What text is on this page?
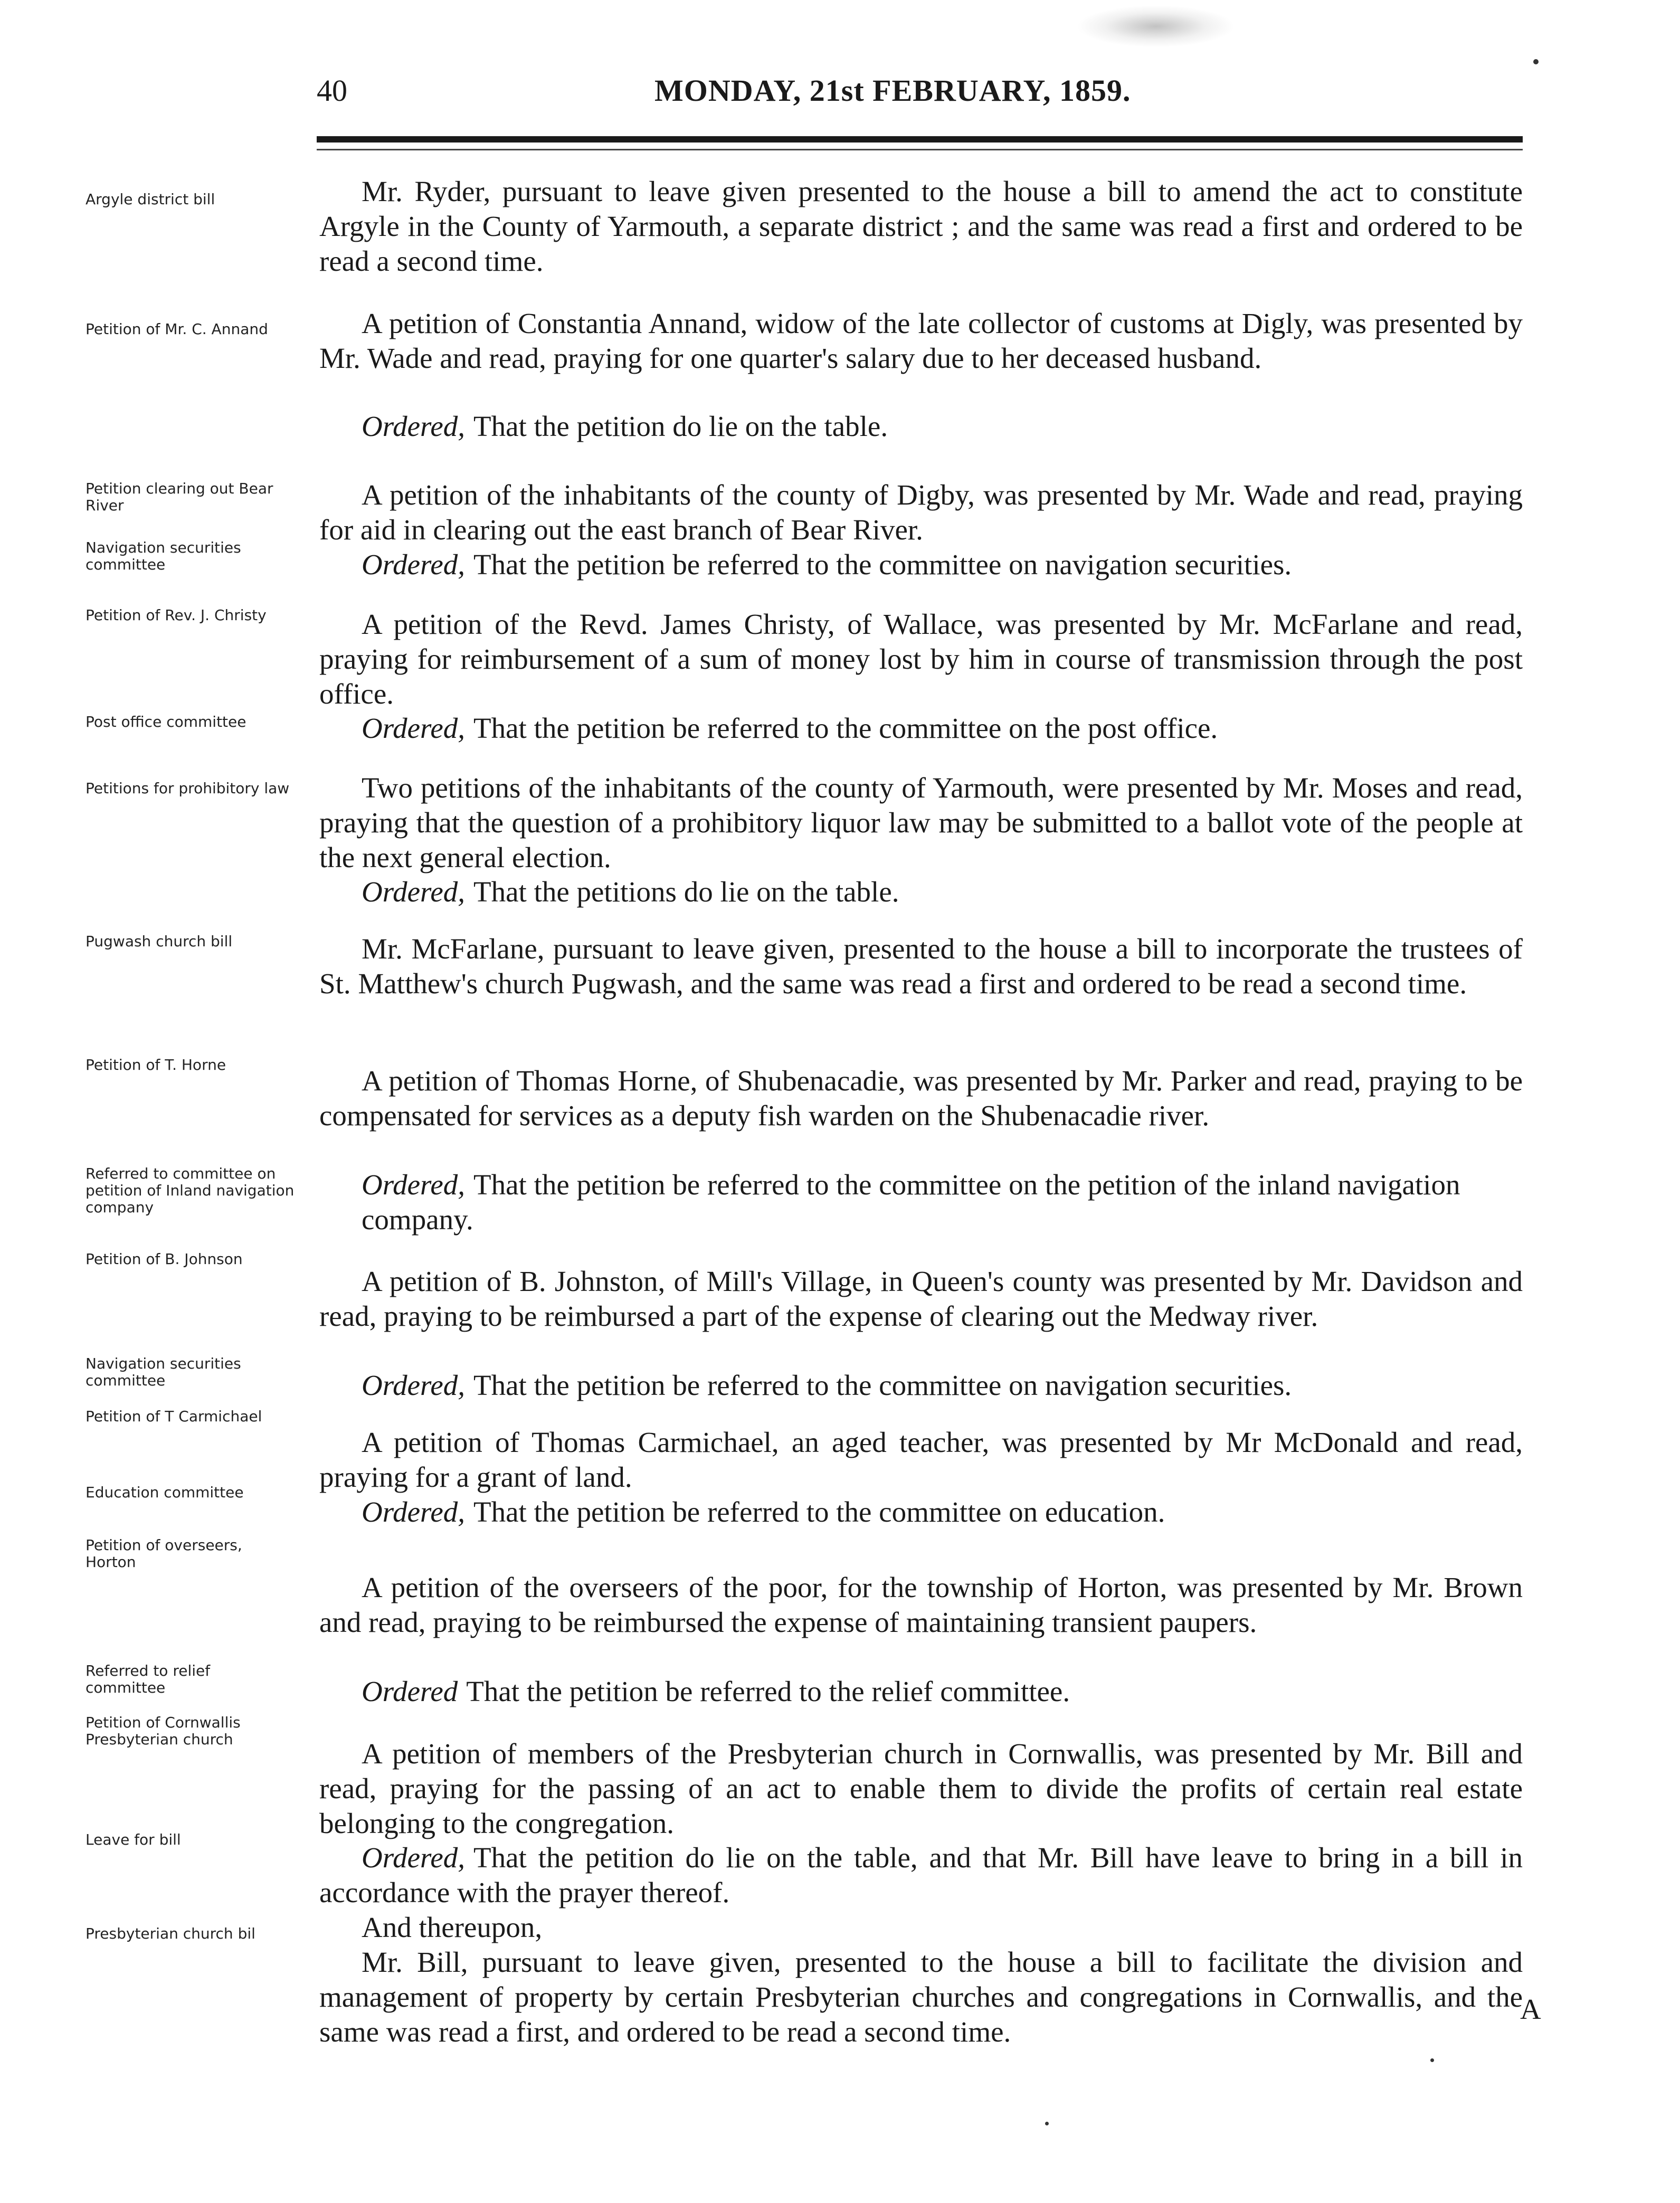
40	MONDAY, 21st FEBRUARY, 1859.
Argyle district bill
Petition of Mr. C. Annand
Petition clearing out Bear River
Navigation securities committee
Petition of Rev. J. Christy
Post office committee
Petitions for prohibitory law
Pugwash church bill
Petition of T. Horne
Referred to committee on petition of Inland navigation company
Petition of B. Johnson
Navigation securities committee
Petition of T Carmichael
Education committee
Petition of overseers, Horton
Referred to relief committee
Petition of Cornwallis Presbyterian church
Leave for bill
Presbyterian church bil
Mr. Ryder, pursuant to leave given presented to the house a bill to amend the act to constitute Argyle in the County of Yarmouth, a separate district ; and the same was read a first and ordered to be read a second time.
A petition of Constantia Annand, widow of the late collector of customs at Digly, was presented by Mr. Wade and read, praying for one quarter's salary due to her deceased husband.
Ordered, That the petition do lie on the table.
A petition of the inhabitants of the county of Digby, was presented by Mr. Wade and read, praying for aid in clearing out the east branch of Bear River.
Ordered, That the petition be referred to the committee on navigation securities.
A petition of the Revd. James Christy, of Wallace, was presented by Mr. McFarlane and read, praying for reimbursement of a sum of money lost by him in course of transmission through the post office.
Ordered, That the petition be referred to the committee on the post office.
Two petitions of the inhabitants of the county of Yarmouth, were presented by Mr. Moses and read, praying that the question of a prohibitory liquor law may be submitted to a ballot vote of the people at the next general election.
Ordered, That the petitions do lie on the table.
Mr. McFarlane, pursuant to leave given, presented to the house a bill to incorporate the trustees of St. Matthew's church Pugwash, and the same was read a first and ordered to be read a second time.
A petition of Thomas Horne, of Shubenacadie, was presented by Mr. Parker and read, praying to be compensated for services as a deputy fish warden on the Shubenacadie river.
Ordered, That the petition be referred to the committee on the petition of the inland navigation company.
A petition of B. Johnston, of Mill's Village, in Queen's county was presented by Mr. Davidson and read, praying to be reimbursed a part of the expense of clearing out the Medway river.
Ordered, That the petition be referred to the committee on navigation securities.
A petition of Thomas Carmichael, an aged teacher, was presented by Mr McDonald and read, praying for a grant of land.
Ordered, That the petition be referred to the committee on education.
A petition of the overseers of the poor, for the township of Horton, was presented by Mr. Brown and read, praying to be reimbursed the expense of maintaining transient paupers.
Ordered That the petition be referred to the relief committee.
A petition of members of the Presbyterian church in Cornwallis, was presented by Mr. Bill and read, praying for the passing of an act to enable them to divide the profits of certain real estate belonging to the congregation.
Ordered, That the petition do lie on the table, and that Mr. Bill have leave to bring in a bill in accordance with the prayer thereof.
And thereupon,
Mr. Bill, pursuant to leave given, presented to the house a bill to facilitate the division and management of property by certain Presbyterian churches and congregations in Cornwallis, and the same was read a first, and ordered to be read a second time.
A
